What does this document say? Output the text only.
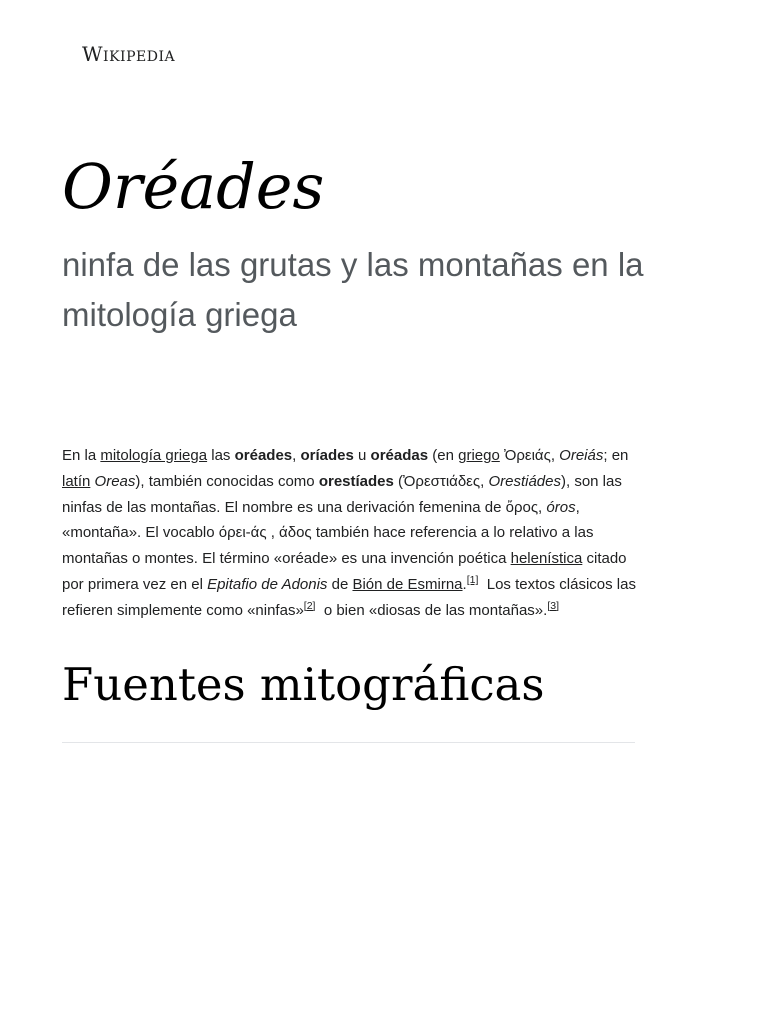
Wikipedia
Oréades

ninfa de las grutas y las montañas en la mitología griega

En la mitología griega las oréades, oríades u oréadas (en griego Ὀρειάς, Oreiás; en latín Oreas), también conocidas como orestíades (Ὀρεστιάδες, Orestiádes), son las ninfas de las montañas. El nombre es una derivación femenina de ὄρος, óros, «montaña». El vocablo όρει-άς , άδος también hace referencia a lo relativo a las montañas o montes. El término «oréade» es una invención poética helenística citado por primera vez en el Epitafio de Adonis de Bión de Esmirna.[1]  Los textos clásicos las refieren simplemente como «ninfas»[2]  o bien «diosas de las montañas».[3]

Fuentes mitográficas
